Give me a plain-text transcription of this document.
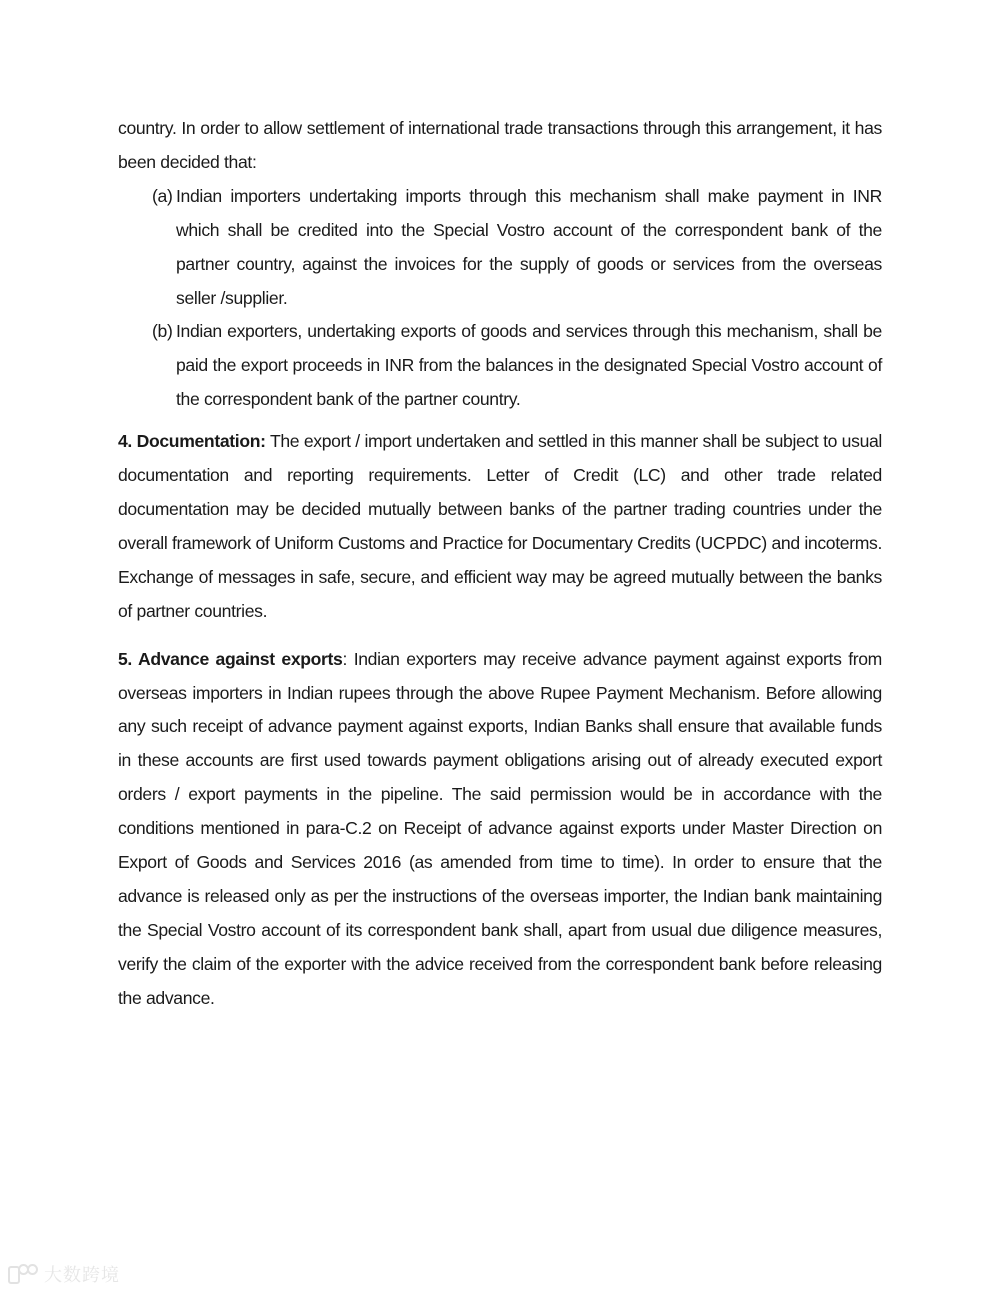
country. In order to allow settlement of international trade transactions through this arrangement, it has been decided that:

(a) Indian importers undertaking imports through this mechanism shall make payment in INR which shall be credited into the Special Vostro account of the correspondent bank of the partner country, against the invoices for the supply of goods or services from the overseas seller /supplier.
(b) Indian exporters, undertaking exports of goods and services through this mechanism, shall be paid the export proceeds in INR from the balances in the designated Special Vostro account of the correspondent bank of the partner country.

4. Documentation: The export / import undertaken and settled in this manner shall be subject to usual documentation and reporting requirements. Letter of Credit (LC) and other trade related documentation may be decided mutually between banks of the partner trading countries under the overall framework of Uniform Customs and Practice for Documentary Credits (UCPDC) and incoterms. Exchange of messages in safe, secure, and efficient way may be agreed mutually between the banks of partner countries.

5. Advance against exports: Indian exporters may receive advance payment against exports from overseas importers in Indian rupees through the above Rupee Payment Mechanism. Before allowing any such receipt of advance payment against exports, Indian Banks shall ensure that available funds in these accounts are first used towards payment obligations arising out of already executed export orders / export payments in the pipeline. The said permission would be in accordance with the conditions mentioned in para-C.2 on Receipt of advance against exports under Master Direction on Export of Goods and Services 2016 (as amended from time to time). In order to ensure that the advance is released only as per the instructions of the overseas importer, the Indian bank maintaining the Special Vostro account of its correspondent bank shall, apart from usual due diligence measures, verify the claim of the exporter with the advice received from the correspondent bank before releasing the advance.

大数跨境
